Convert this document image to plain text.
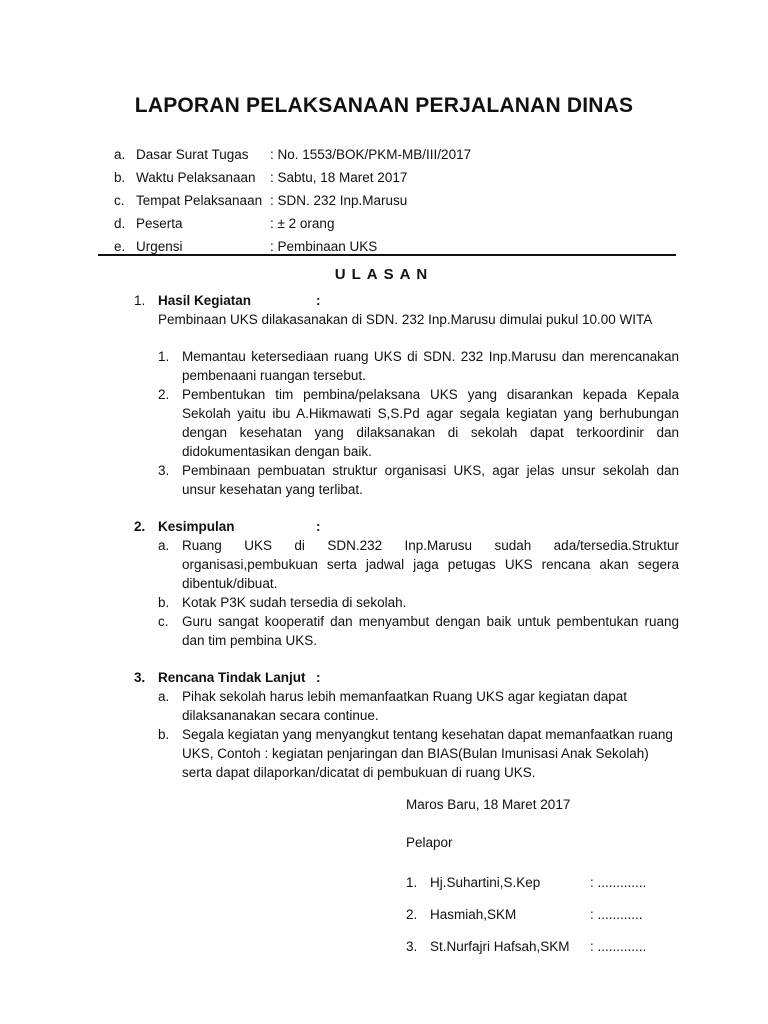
LAPORAN PELAKSANAAN PERJALANAN DINAS
a. Dasar Surat Tugas	: No. 1553/BOK/PKM-MB/III/2017
b. Waktu Pelaksanaan	: Sabtu, 18 Maret 2017
c. Tempat Pelaksanaan : SDN. 232 Inp.Marusu
d. Peserta	: ± 2 orang
e. Urgensi	: Pembinaan UKS
ULASAN
1. Hasil Kegiatan	:
Pembinaan UKS dilakasanakan di SDN. 232 Inp.Marusu dimulai pukul 10.00 WITA
1. Memantau ketersediaan ruang UKS di SDN. 232 Inp.Marusu dan merencanakan pembenaani ruangan tersebut.
2. Pembentukan tim pembina/pelaksana UKS yang disarankan kepada Kepala Sekolah yaitu ibu A.Hikmawati S,S.Pd agar segala kegiatan yang berhubungan dengan kesehatan yang dilaksanakan di sekolah dapat terkoordinir dan didokumentasikan dengan baik.
3. Pembinaan pembuatan struktur organisasi UKS, agar jelas unsur sekolah dan unsur kesehatan yang terlibat.
2. Kesimpulan	:
a. Ruang UKS di SDN.232 Inp.Marusu sudah ada/tersedia.Struktur organisasi,pembukuan serta jadwal jaga petugas UKS rencana akan segera dibentuk/dibuat.
b. Kotak P3K sudah tersedia di sekolah.
c. Guru sangat kooperatif dan menyambut dengan baik untuk pembentukan ruang dan tim pembina UKS.
3. Rencana Tindak Lanjut :
a. Pihak sekolah harus lebih memanfaatkan Ruang UKS agar kegiatan dapat dilaksananakan secara continue.
b. Segala kegiatan yang menyangkut tentang kesehatan dapat memanfaatkan ruang UKS, Contoh : kegiatan penjaringan dan BIAS(Bulan Imunisasi Anak Sekolah) serta dapat dilaporkan/dicatat di pembukuan di ruang UKS.
Maros Baru, 18 Maret 2017
Pelapor
1. Hj.Suhartini,S.Kep	: .............
2. Hasmiah,SKM	: ............
3. St.Nurfajri Hafsah,SKM	: .............
